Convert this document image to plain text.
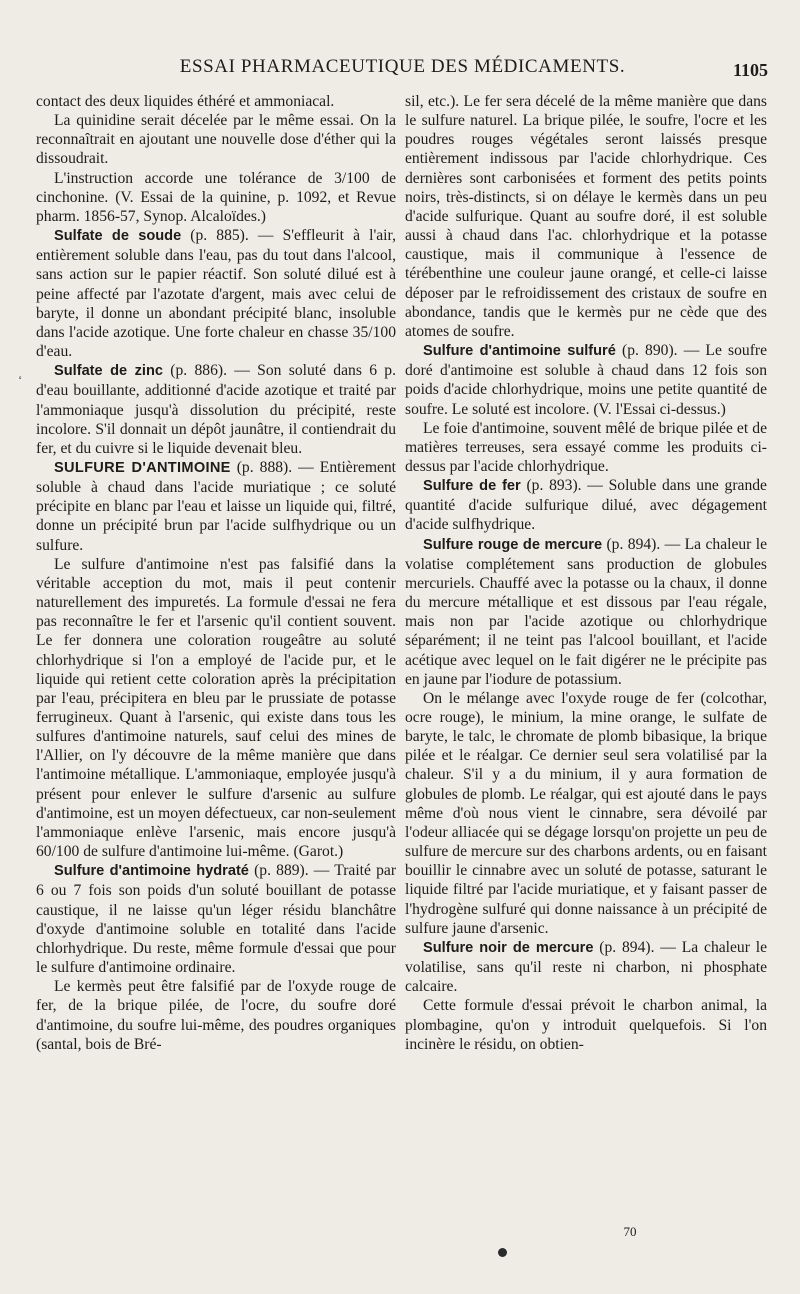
ESSAI PHARMACEUTIQUE DES MÉDICAMENTS.	1105
‘

contact des deux liquides éthéré et ammoniacal.

La quinidine serait décelée par le même essai. On la reconnaîtrait en ajoutant une nouvelle dose d'éther qui la dissoudrait.

L'instruction accorde une tolérance de 3/100 de cinchonine. (V. Essai de la quinine, p. 1092, et Revue pharm. 1856-57, Synop. Alcaloïdes.)

Sulfate de soude (p. 885). — S'effleurit à l'air, entièrement soluble dans l'eau, pas du tout dans l'alcool, sans action sur le papier réactif. Son soluté dilué est à peine affecté par l'azotate d'argent, mais avec celui de baryte, il donne un abondant précipité blanc, insoluble dans l'acide azotique. Une forte chaleur en chasse 35/100 d'eau.

Sulfate de zinc (p. 886). — Son soluté dans 6 p. d'eau bouillante, additionné d'acide azotique et traité par l'ammoniaque jusqu'à dissolution du précipité, reste incolore. S'il donnait un dépôt jaunâtre, il contiendrait du fer, et du cuivre si le liquide devenait bleu.

SULFURE D'ANTIMOINE (p. 888). — Entièrement soluble à chaud dans l'acide muriatique ; ce soluté précipite en blanc par l'eau et laisse un liquide qui, filtré, donne un précipité brun par l'acide sulfhydrique ou un sulfure.

Le sulfure d'antimoine n'est pas falsifié dans la véritable acception du mot, mais il peut contenir naturellement des impuretés. La formule d'essai ne fera pas reconnaître le fer et l'arsenic qu'il contient souvent. Le fer donnera une coloration rougeâtre au soluté chlorhydrique si l'on a employé de l'acide pur, et le liquide qui retient cette coloration après la précipitation par l'eau, précipitera en bleu par le prussiate de potasse ferrugineux. Quant à l'arsenic, qui existe dans tous les sulfures d'antimoine naturels, sauf celui des mines de l'Allier, on l'y découvre de la même manière que dans l'antimoine métallique. L'ammoniaque, employée jusqu'à présent pour enlever le sulfure d'arsenic au sulfure d'antimoine, est un moyen défectueux, car non-seulement l'ammoniaque enlève l'arsenic, mais encore jusqu'à 60/100 de sulfure d'antimoine lui-même. (Garot.)

Sulfure d'antimoine hydraté (p. 889). — Traité par 6 ou 7 fois son poids d'un soluté bouillant de potasse caustique, il ne laisse qu'un léger résidu blanchâtre d'oxyde d'antimoine soluble en totalité dans l'acide chlorhydrique. Du reste, même formule d'essai que pour le sulfure d'antimoine ordinaire.

Le kermès peut être falsifié par de l'oxyde rouge de fer, de la brique pilée, de l'ocre, du soufre doré d'antimoine, du soufre lui-même, des poudres organiques (santal, bois de Bré-

sil, etc.). Le fer sera décelé de la même manière que dans le sulfure naturel. La brique pilée, le soufre, l'ocre et les poudres rouges végétales seront laissés presque entièrement indissous par l'acide chlorhydrique. Ces dernières sont carbonisées et forment des petits points noirs, très-distincts, si on délaye le kermès dans un peu d'acide sulfurique. Quant au soufre doré, il est soluble aussi à chaud dans l'ac. chlorhydrique et la potasse caustique, mais il communique à l'essence de térébenthine une couleur jaune orangé, et celle-ci laisse déposer par le refroidissement des cristaux de soufre en abondance, tandis que le kermès pur ne cède que des atomes de soufre.

Sulfure d'antimoine sulfuré (p. 890). — Le soufre doré d'antimoine est soluble à chaud dans 12 fois son poids d'acide chlorhydrique, moins une petite quantité de soufre. Le soluté est incolore. (V. l'Essai ci-dessus.)

Le foie d'antimoine, souvent mêlé de brique pilée et de matières terreuses, sera essayé comme les produits ci-dessus par l'acide chlorhydrique.

Sulfure de fer (p. 893). — Soluble dans une grande quantité d'acide sulfurique dilué, avec dégagement d'acide sulfhydrique.

Sulfure rouge de mercure (p. 894). — La chaleur le volatise complétement sans production de globules mercuriels. Chauffé avec la potasse ou la chaux, il donne du mercure métallique et est dissous par l'eau régale, mais non par l'acide azotique ou chlorhydrique séparément; il ne teint pas l'alcool bouillant, et l'acide acétique avec lequel on le fait digérer ne le précipite pas en jaune par l'iodure de potassium.

On le mélange avec l'oxyde rouge de fer (colcothar, ocre rouge), le minium, la mine orange, le sulfate de baryte, le talc, le chromate de plomb bibasique, la brique pilée et le réalgar. Ce dernier seul sera volatilisé par la chaleur. S'il y a du minium, il y aura formation de globules de plomb. Le réalgar, qui est ajouté dans le pays même d'où nous vient le cinnabre, sera dévoilé par l'odeur alliacée qui se dégage lorsqu'on projette un peu de sulfure de mercure sur des charbons ardents, ou en faisant bouillir le cinnabre avec un soluté de potasse, saturant le liquide filtré par l'acide muriatique, et y faisant passer de l'hydrogène sulfuré qui donne naissance à un précipité de sulfure jaune d'arsenic.

Sulfure noir de mercure (p. 894). — La chaleur le volatilise, sans qu'il reste ni charbon, ni phosphate calcaire.

Cette formule d'essai prévoit le charbon animal, la plombagine, qu'on y introduit quelquefois. Si l'on incinère le résidu, on obtien-

70
